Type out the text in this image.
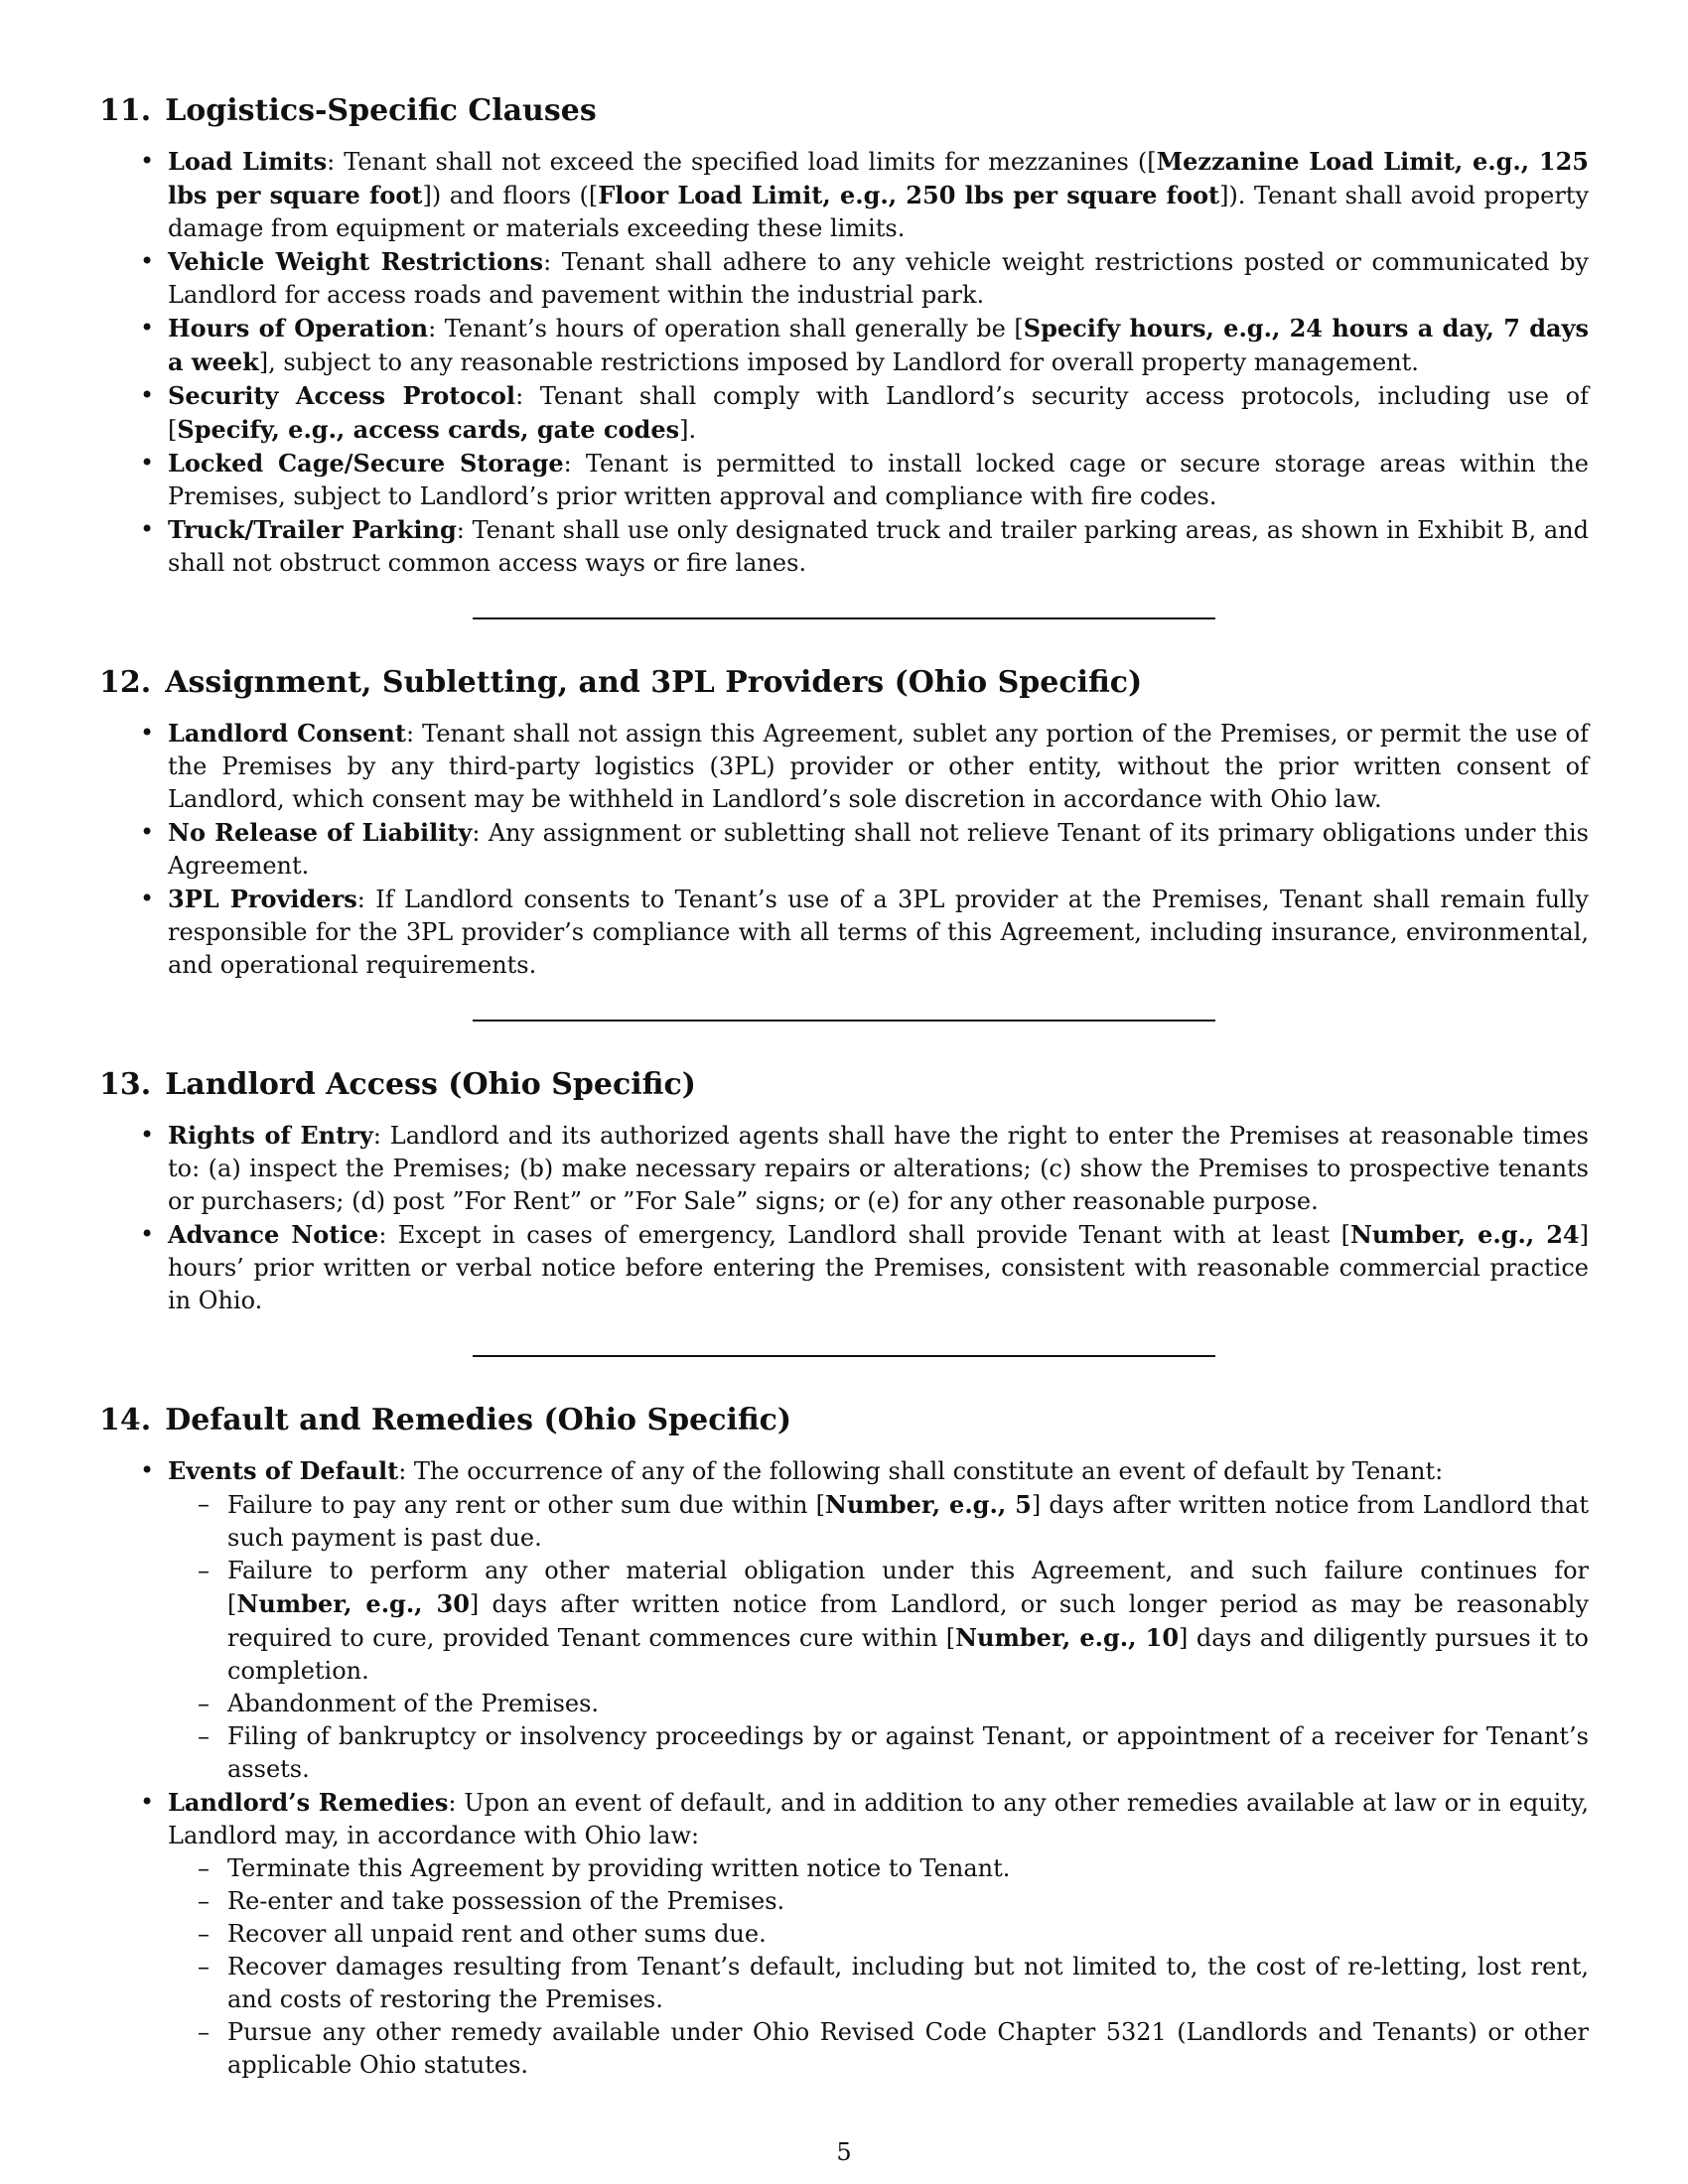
11. Logistics-Specific Clauses
• Load Limits: Tenant shall not exceed the specified load limits for mezzanines ([Mezzanine Load Limit, e.g., 125 lbs per square foot]) and floors ([Floor Load Limit, e.g., 250 lbs per square foot]). Tenant shall avoid property damage from equipment or materials exceeding these limits.
• Vehicle Weight Restrictions: Tenant shall adhere to any vehicle weight restrictions posted or communicated by Landlord for access roads and pavement within the industrial park.
• Hours of Operation: Tenant’s hours of operation shall generally be [Specify hours, e.g., 24 hours a day, 7 days a week], subject to any reasonable restrictions imposed by Landlord for overall property management.
• Security Access Protocol: Tenant shall comply with Landlord’s security access protocols, including use of [Specify, e.g., access cards, gate codes].
• Locked Cage/Secure Storage: Tenant is permitted to install locked cage or secure storage areas within the Premises, subject to Landlord’s prior written approval and compliance with fire codes.
• Truck/Trailer Parking: Tenant shall use only designated truck and trailer parking areas, as shown in Exhibit B, and shall not obstruct common access ways or fire lanes.
12. Assignment, Subletting, and 3PL Providers (Ohio Specific)
• Landlord Consent: Tenant shall not assign this Agreement, sublet any portion of the Premises, or permit the use of the Premises by any third-party logistics (3PL) provider or other entity, without the prior written consent of Landlord, which consent may be withheld in Landlord’s sole discretion in accordance with Ohio law.
• No Release of Liability: Any assignment or subletting shall not relieve Tenant of its primary obligations under this Agreement.
• 3PL Providers: If Landlord consents to Tenant’s use of a 3PL provider at the Premises, Tenant shall remain fully responsible for the 3PL provider’s compliance with all terms of this Agreement, including insurance, environmental, and operational requirements.
13. Landlord Access (Ohio Specific)
• Rights of Entry: Landlord and its authorized agents shall have the right to enter the Premises at reasonable times to: (a) inspect the Premises; (b) make necessary repairs or alterations; (c) show the Premises to prospective tenants or purchasers; (d) post ”For Rent” or ”For Sale” signs; or (e) for any other reasonable purpose.
• Advance Notice: Except in cases of emergency, Landlord shall provide Tenant with at least [Number, e.g., 24] hours’ prior written or verbal notice before entering the Premises, consistent with reasonable commercial practice in Ohio.
14. Default and Remedies (Ohio Specific)
• Events of Default: The occurrence of any of the following shall constitute an event of default by Tenant:
– Failure to pay any rent or other sum due within [Number, e.g., 5] days after written notice from Landlord that such payment is past due.
– Failure to perform any other material obligation under this Agreement, and such failure continues for [Number, e.g., 30] days after written notice from Landlord, or such longer period as may be reasonably required to cure, provided Tenant commences cure within [Number, e.g., 10] days and diligently pursues it to completion.
– Abandonment of the Premises.
– Filing of bankruptcy or insolvency proceedings by or against Tenant, or appointment of a receiver for Tenant’s assets.
• Landlord’s Remedies: Upon an event of default, and in addition to any other remedies available at law or in equity, Landlord may, in accordance with Ohio law:
– Terminate this Agreement by providing written notice to Tenant.
– Re-enter and take possession of the Premises.
– Recover all unpaid rent and other sums due.
– Recover damages resulting from Tenant’s default, including but not limited to, the cost of re-letting, lost rent, and costs of restoring the Premises.
– Pursue any other remedy available under Ohio Revised Code Chapter 5321 (Landlords and Tenants) or other applicable Ohio statutes.
5
